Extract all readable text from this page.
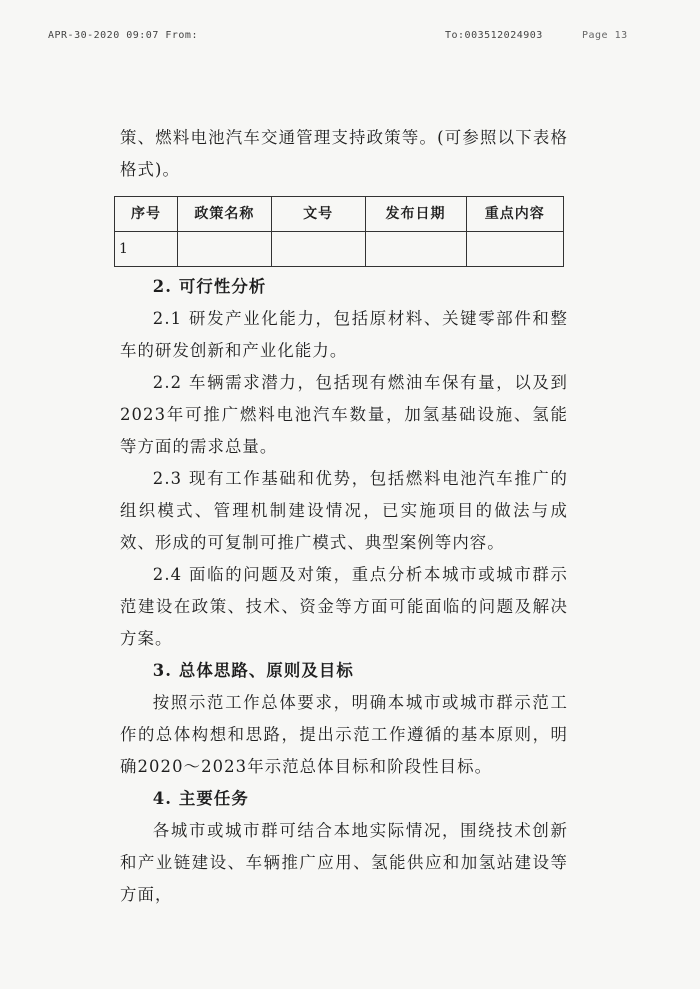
APR-30-2020 09:07 From:	To:003512024903	Page 13

策、燃料电池汽车交通管理支持政策等。(可参照以下表格格式)。

序号	政策名称	文号	发布日期	重点内容
1				

2. 可行性分析

2.1 研发产业化能力，包括原材料、关键零部件和整车的研发创新和产业化能力。

2.2 车辆需求潜力，包括现有燃油车保有量，以及到2023年可推广燃料电池汽车数量，加氢基础设施、氢能等方面的需求总量。

2.3 现有工作基础和优势，包括燃料电池汽车推广的组织模式、管理机制建设情况，已实施项目的做法与成效、形成的可复制可推广模式、典型案例等内容。

2.4 面临的问题及对策，重点分析本城市或城市群示范建设在政策、技术、资金等方面可能面临的问题及解决方案。

3. 总体思路、原则及目标

按照示范工作总体要求，明确本城市或城市群示范工作的总体构想和思路，提出示范工作遵循的基本原则，明确2020～2023年示范总体目标和阶段性目标。

4. 主要任务

各城市或城市群可结合本地实际情况，围绕技术创新和产业链建设、车辆推广应用、氢能供应和加氢站建设等方面，
